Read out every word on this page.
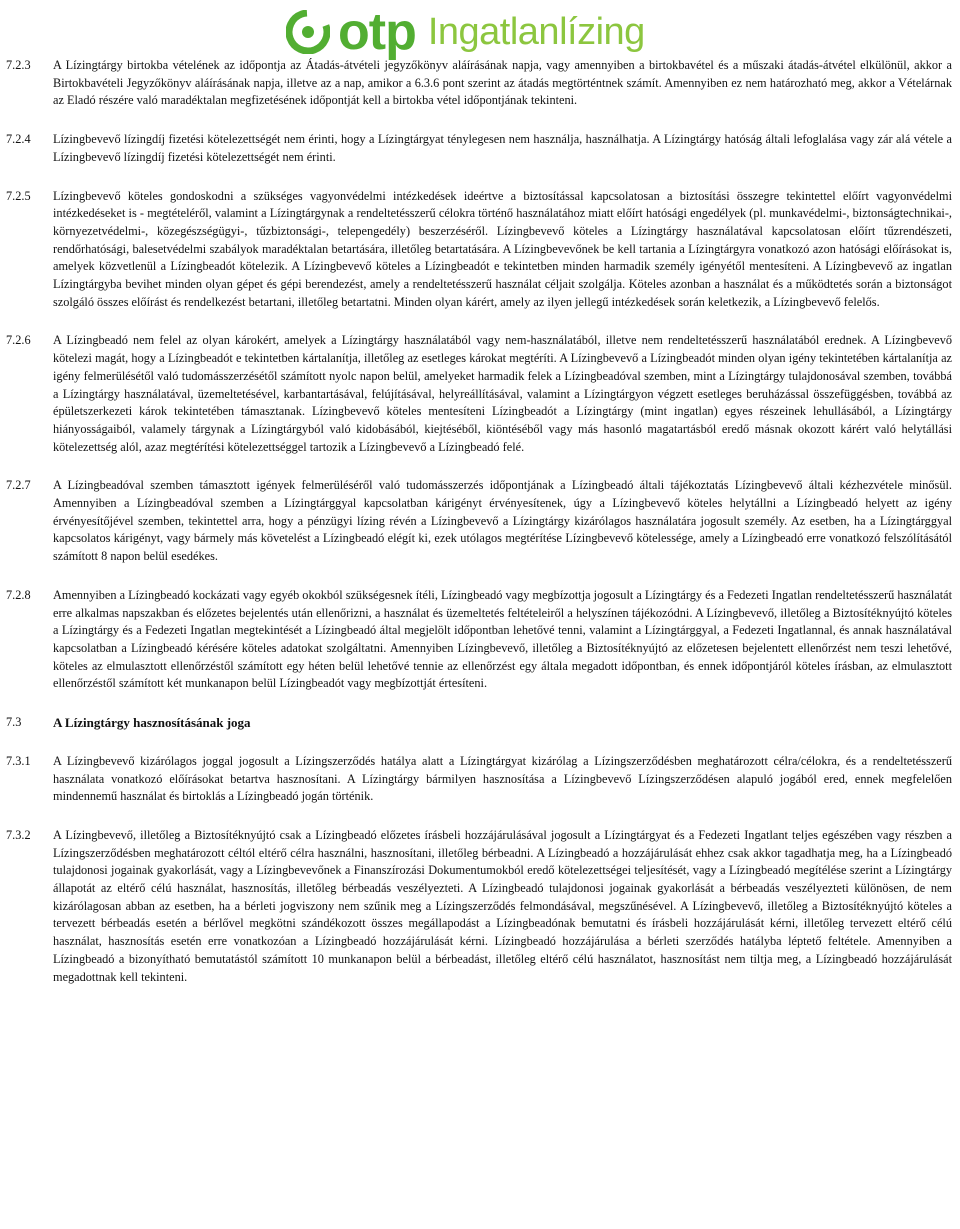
otp Ingatlanlízing
7.2.3	A Lízingtárgy birtokba vételének az időpontja az Átadás-átvételi jegyzőkönyv aláírásának napja, vagy amennyiben a birtokbavétel és a műszaki átadás-átvétel elkülönül, akkor a Birtokbavételi Jegyzőkönyv aláírásának napja, illetve az a nap, amikor a 6.3.6 pont szerint az átadás megtörténtnek számít. Amennyiben ez nem határozható meg, akkor a Vételárnak az Eladó részére való maradéktalan megfizetésének időpontját kell a birtokba vétel időpontjának tekinteni.
7.2.4	Lízingbevevő lízingdíj fizetési kötelezettségét nem érinti, hogy a Lízingtárgyat ténylegesen nem használja, használhatja. A Lízingtárgy hatóság általi lefoglalása vagy zár alá vétele a Lízingbevevő lízingdíj fizetési kötelezettségét nem érinti.
7.2.5	Lízingbevevő köteles gondoskodni a szükséges vagyonvédelmi intézkedések ideértve a biztosítással kapcsolatosan a biztosítási összegre tekintettel előírt vagyonvédelmi intézkedéseket is - megtételéről, valamint a Lízingtárgynak a rendeltetésszerű célokra történő használatához miatt előírt hatósági engedélyek (pl. munkavédelmi-, biztonságtechnikai-, környezetvédelmi-, közegészségügyi-, tűzbiztonsági-, telepengedély) beszerzéséről. Lízingbevevő köteles a Lízingtárgy használatával kapcsolatosan előírt tűzrendészeti, rendőrhatósági, balesetvédelmi szabályok maradéktalan betartására, illetőleg betartatására. A Lízingbevevőnek be kell tartania a Lízingtárgyra vonatkozó azon hatósági előírásokat is, amelyek közvetlenül a Lízingbeadót kötelezik. A Lízingbevevő köteles a Lízingbeadót e tekintetben minden harmadik személy igényétől mentesíteni. A Lízingbevevő az ingatlan Lízingtárgyba bevihet minden olyan gépet és gépi berendezést, amely a rendeltetésszerű használat céljait szolgálja. Köteles azonban a használat és a működtetés során a biztonságot szolgáló összes előírást és rendelkezést betartani, illetőleg betartatni. Minden olyan kárért, amely az ilyen jellegű intézkedések során keletkezik, a Lízingbevevő felelős.
7.2.6	A Lízingbeadó nem felel az olyan károkért, amelyek a Lízingtárgy használatából vagy nem-használatából, illetve nem rendeltetésszerű használatából erednek. A Lízingbevevő kötelezi magát, hogy a Lízingbeadót e tekintetben kártalanítja, illetőleg az esetleges károkat megtéríti. A Lízingbevevő a Lízingbeadót minden olyan igény tekintetében kártalanítja az igény felmerülésétől való tudomásszerzésétől számított nyolc napon belül, amelyeket harmadik felek a Lízingbeadóval szemben, mint a Lízingtárgy tulajdonosával szemben, továbbá a Lízingtárgy használatával, üzemeltetésével, karbantartásával, felújításával, helyreállításával, valamint a Lízingtárgyon végzett esetleges beruházással összefüggésben, továbbá az épületszerkezeti károk tekintetében támasztanak. Lízingbevevő köteles mentesíteni Lízingbeadót a Lízingtárgy (mint ingatlan) egyes részeinek lehullásából, a Lízingtárgy hiányosságaiból, valamely tárgynak a Lízingtárgyból való kidobásából, kiejtéséből, kiöntéséből vagy más hasonló magatartásból eredő másnak okozott kárért való helytállási kötelezettség alól, azaz megtérítési kötelezettséggel tartozik a Lízingbevevő a Lízingbeadó felé.
7.2.7	A Lízingbeadóval szemben támasztott igények felmerüléséről való tudomásszerzés időpontjának a Lízingbeadó általi tájékoztatás Lízingbevevő általi kézhezvétele minősül. Amennyiben a Lízingbeadóval szemben a Lízingtárggyal kapcsolatban kárigényt érvényesítenek, úgy a Lízingbevevő köteles helytállni a Lízingbeadó helyett az igény érvényesítőjével szemben, tekintettel arra, hogy a pénzügyi lízing révén a Lízingbevevő a Lízingtárgy kizárólagos használatára jogosult személy. Az esetben, ha a Lízingtárggyal kapcsolatos kárigényt, vagy bármely más követelést a Lízingbeadó elégít ki, ezek utólagos megtérítése Lízingbevevő kötelessége, amely a Lízingbeadó erre vonatkozó felszólításától számított 8 napon belül esedékes.
7.2.8	Amennyiben a Lízingbeadó kockázati vagy egyéb okokból szükségesnek ítéli, Lízingbeadó vagy megbízottja jogosult a Lízingtárgy és a Fedezeti Ingatlan rendeltetésszerű használatát erre alkalmas napszakban és előzetes bejelentés után ellenőrizni, a használat és üzemeltetés feltételeiről a helyszínen tájékozódni. A Lízingbevevő, illetőleg a Biztosítéknyújtó köteles a Lízingtárgy és a Fedezeti Ingatlan megtekintését a Lízingbeadó által megjelölt időpontban lehetővé tenni, valamint a Lízingtárggyal, a Fedezeti Ingatlannal, és annak használatával kapcsolatban a Lízingbeadó kérésére köteles adatokat szolgáltatni. Amennyiben Lízingbevevő, illetőleg a Biztosítéknyújtó az előzetesen bejelentett ellenőrzést nem teszi lehetővé, köteles az elmulasztott ellenőrzéstől számított egy héten belül lehetővé tennie az ellenőrzést egy általa megadott időpontban, és ennek időpontjáról köteles írásban, az elmulasztott ellenőrzéstől számított két munkanapon belül Lízingbeadót vagy megbízottját értesíteni.
7.3	A Lízingtárgy hasznosításának joga
7.3.1	A Lízingbevevő kizárólagos joggal jogosult a Lízingszerződés hatálya alatt a Lízingtárgyat kizárólag a Lízingszerződésben meghatározott célra/célokra, és a rendeltetésszerű használata vonatkozó előírásokat betartva hasznosítani. A Lízingtárgy bármilyen hasznosítása a Lízingbevevő Lízingszerződésen alapuló jogából ered, ennek megfelelően mindennemű használat és birtoklás a Lízingbeadó jogán történik.
7.3.2	A Lízingbevevő, illetőleg a Biztosítéknyújtó csak a Lízingbeadó előzetes írásbeli hozzájárulásával jogosult a Lízingtárgyat és a Fedezeti Ingatlant teljes egészében vagy részben a Lízingszerződésben meghatározott céltól eltérő célra használni, hasznosítani, illetőleg bérbeadni. A Lízingbeadó a hozzájárulását ehhez csak akkor tagadhatja meg, ha a Lízingbeadó tulajdonosi jogainak gyakorlását, vagy a Lízingbevevőnek a Finanszírozási Dokumentumokból eredő kötelezettségei teljesítését, vagy a Lízingbeadó megítélése szerint a Lízingtárgy állapotát az eltérő célú használat, hasznosítás, illetőleg bérbeadás veszélyezteti. A Lízingbeadó tulajdonosi jogainak gyakorlását a bérbeadás veszélyezteti különösen, de nem kizárólagosan abban az esetben, ha a bérleti jogviszony nem szűnik meg a Lízingszerződés felmondásával, megszűnésével. A Lízingbevevő, illetőleg a Biztosítéknyújtó köteles a tervezett bérbeadás esetén a bérlővel megkötni szándékozott összes megállapodást a Lízingbeadónak bemutatni és írásbeli hozzájárulását kérni, illetőleg tervezett eltérő célú használat, hasznosítás esetén erre vonatkozóan a Lízingbeadó hozzájárulását kérni. Lízingbeadó hozzájárulása a bérleti szerződés hatályba léptető feltétele. Amennyiben a Lízingbeadó a bizonyítható bemutatástól számított 10 munkanapon belül a bérbeadást, illetőleg eltérő célú használatot, hasznosítást nem tiltja meg, a Lízingbeadó hozzájárulását megadottnak kell tekinteni.
